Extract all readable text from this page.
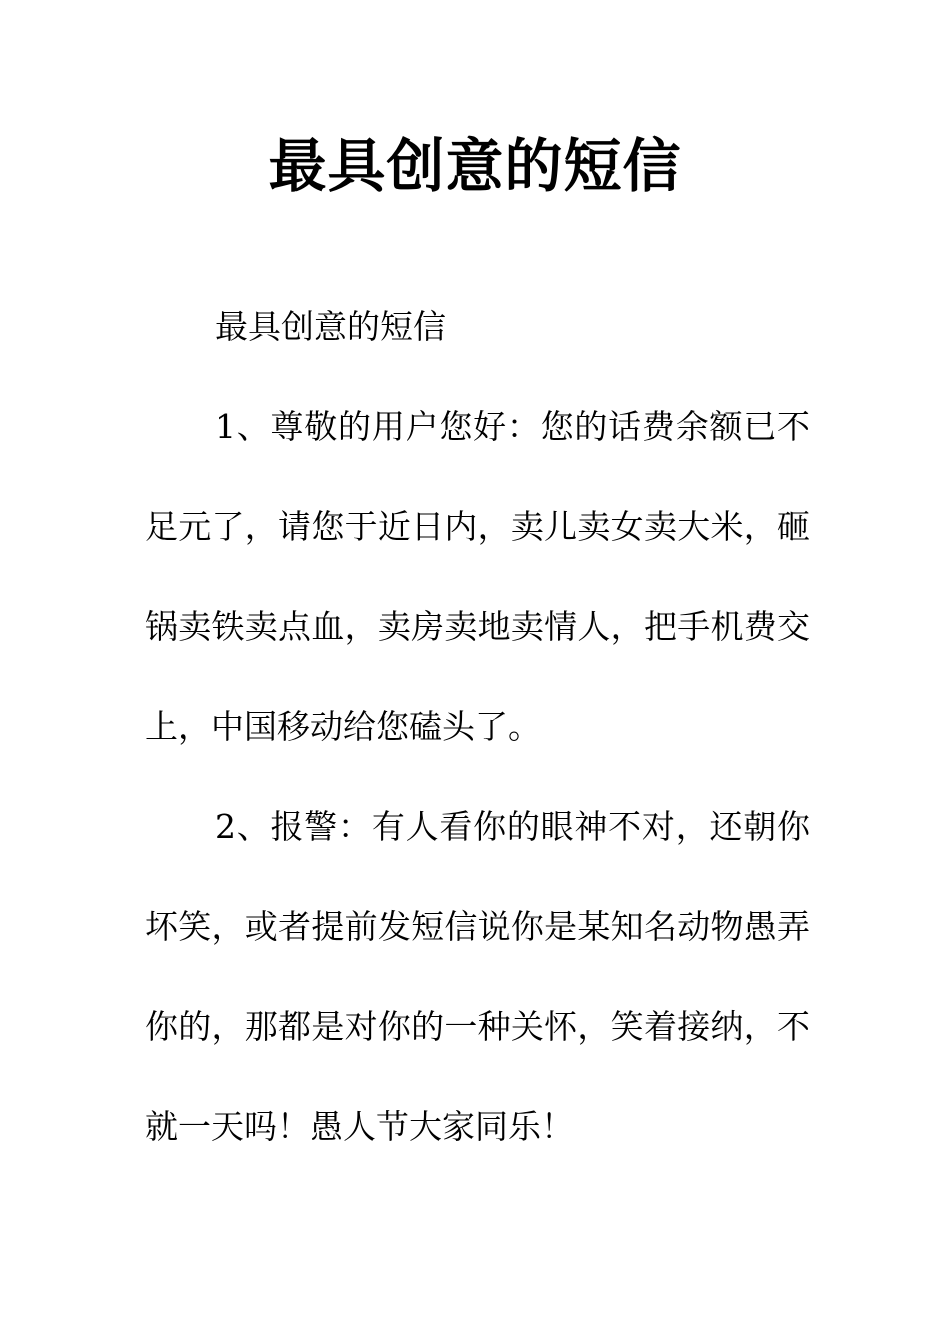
最具创意的短信

最具创意的短信

1、尊敬的用户您好：您的话费余额已不足元了，请您于近日内，卖儿卖女卖大米，砸锅卖铁卖点血，卖房卖地卖情人，把手机费交上，中国移动给您磕头了。

2、报警：有人看你的眼神不对，还朝你坏笑，或者提前发短信说你是某知名动物愚弄你的，那都是对你的一种关怀，笑着接纳，不就一天吗！愚人节大家同乐！
